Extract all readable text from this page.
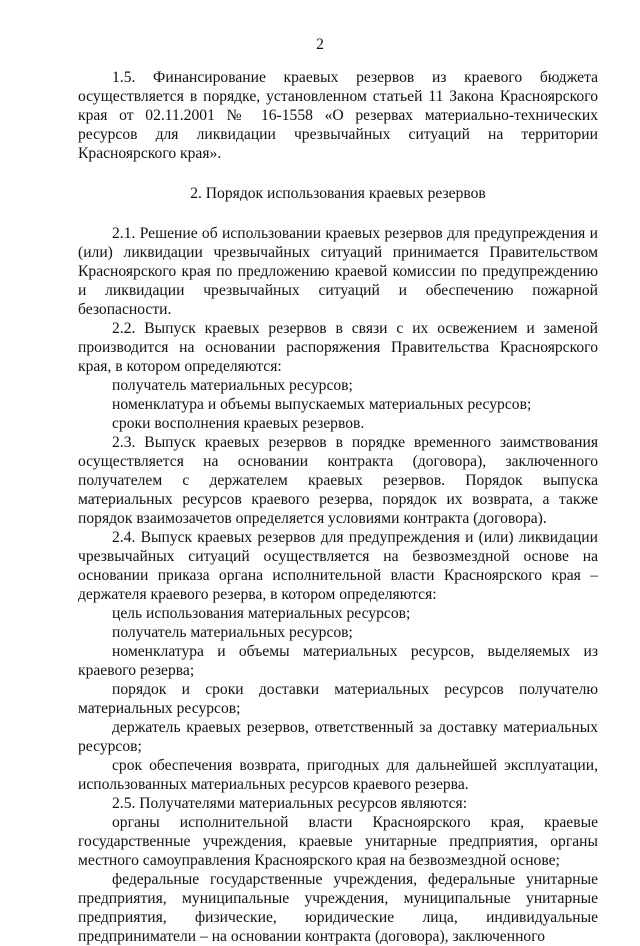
2

1.5. Финансирование краевых резервов из краевого бюджета осуществляется в порядке, установленном статьей 11 Закона Красноярского края от 02.11.2001 № 16-1558 «О резервах материально-технических ресурсов для ликвидации чрезвычайных ситуаций на территории Красноярского края».

2. Порядок использования краевых резервов

2.1. Решение об использовании краевых резервов для предупреждения и (или) ликвидации чрезвычайных ситуаций принимается Правительством Красноярского края по предложению краевой комиссии по предупреждению и ликвидации чрезвычайных ситуаций и обеспечению пожарной безопасности.

2.2. Выпуск краевых резервов в связи с их освежением и заменой производится на основании распоряжения Правительства Красноярского края, в котором определяются:

получатель материальных ресурсов;

номенклатура и объемы выпускаемых материальных ресурсов;

сроки восполнения краевых резервов.

2.3. Выпуск краевых резервов в порядке временного заимствования осуществляется на основании контракта (договора), заключенного получателем с держателем краевых резервов. Порядок выпуска материальных ресурсов краевого резерва, порядок их возврата, а также порядок взаимозачетов определяется условиями контракта (договора).

2.4. Выпуск краевых резервов для предупреждения и (или) ликвидации чрезвычайных ситуаций осуществляется на безвозмездной основе на основании приказа органа исполнительной власти Красноярского края – держателя краевого резерва, в котором определяются:

цель использования материальных ресурсов;

получатель материальных ресурсов;

номенклатура и объемы материальных ресурсов, выделяемых из краевого резерва;

порядок и сроки доставки материальных ресурсов получателю материальных ресурсов;

держатель краевых резервов, ответственный за доставку материальных ресурсов;

срок обеспечения возврата, пригодных для дальнейшей эксплуатации, использованных материальных ресурсов краевого резерва.

2.5. Получателями материальных ресурсов являются:

органы исполнительной власти Красноярского края, краевые государственные учреждения, краевые унитарные предприятия, органы местного самоуправления Красноярского края на безвозмездной основе;

федеральные государственные учреждения, федеральные унитарные предприятия, муниципальные учреждения, муниципальные унитарные предприятия, физические, юридические лица, индивидуальные предприниматели – на основании контракта (договора), заключенного
